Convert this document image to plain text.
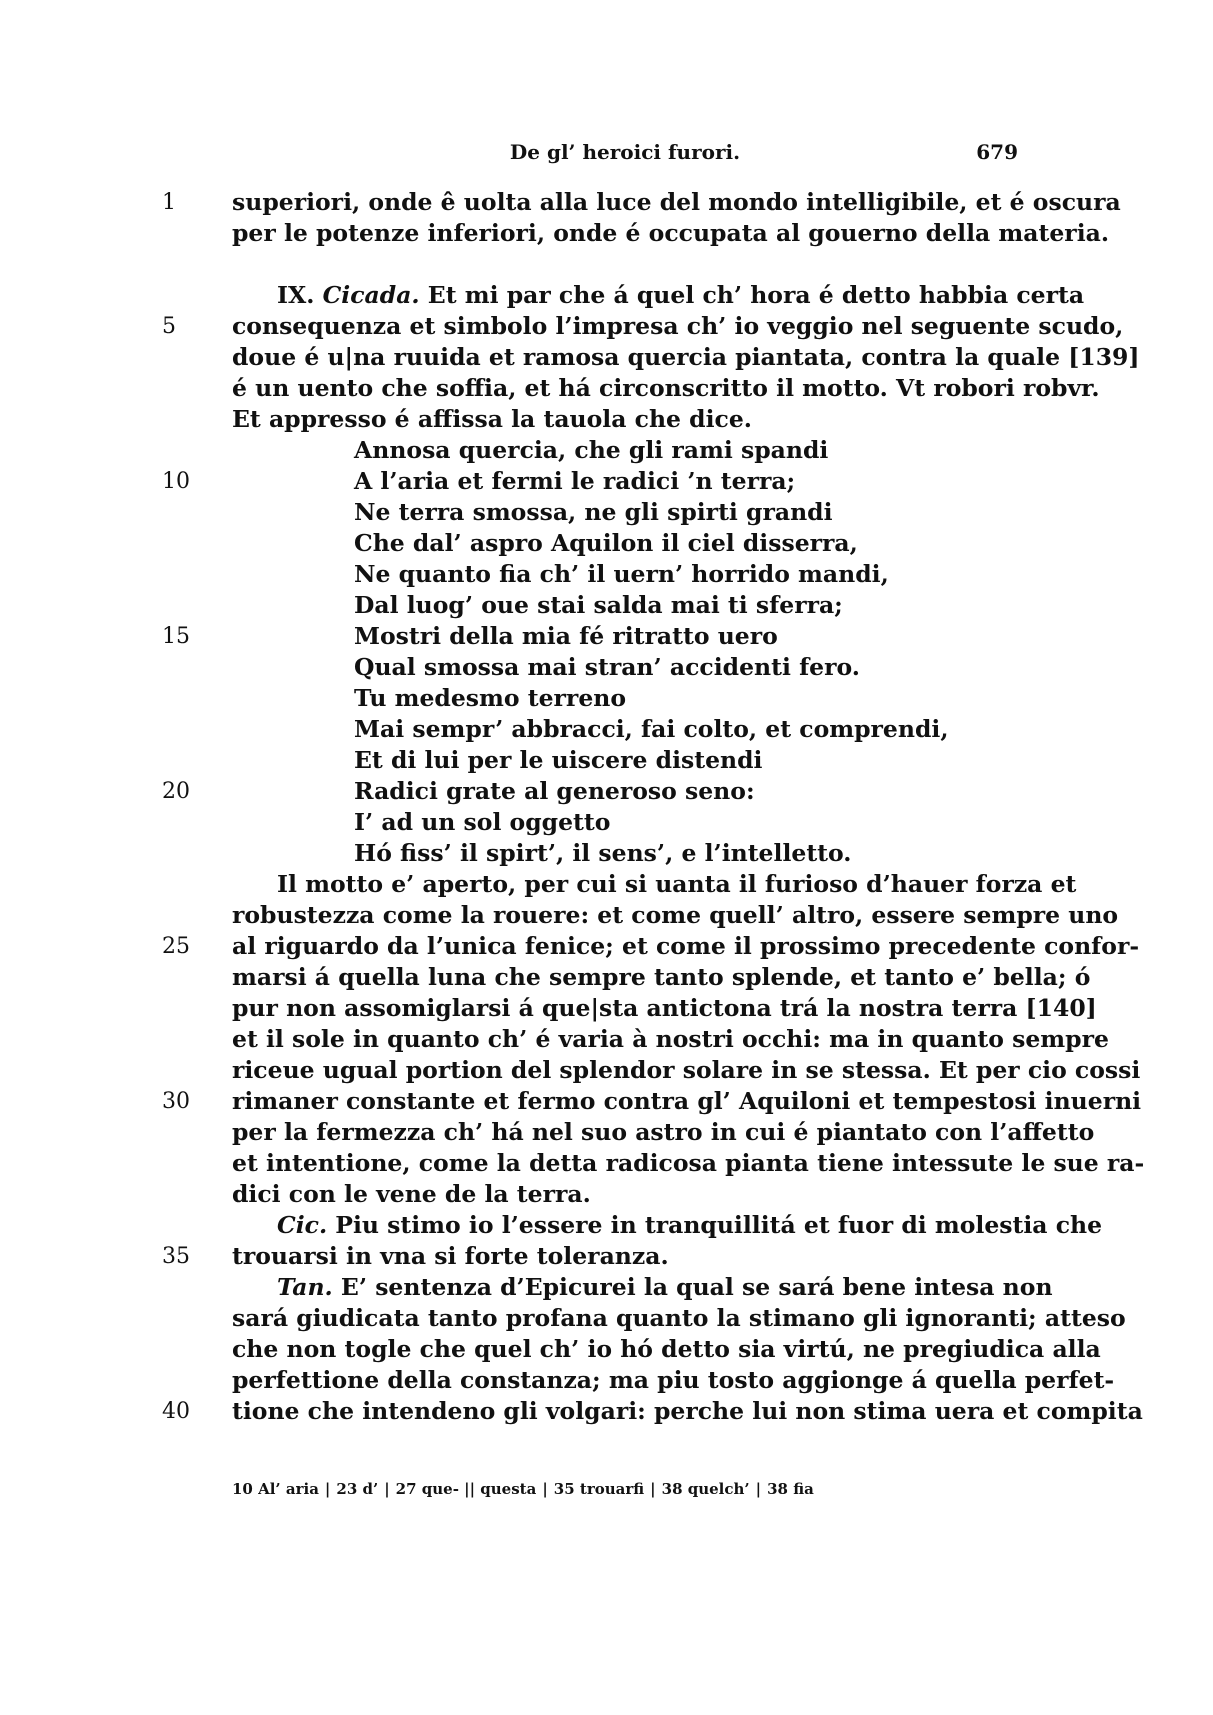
De gl’ heroici furori.	679
1	superiori, onde ê uolta alla luce del mondo intelligibile, et é oscura
per le potenze inferiori, onde é occupata al gouerno della materia.

IX. Cicada. Et mi par che á quel ch’ hora é detto habbia certa
5	consequenza et simbolo l’impresa ch’ io veggio nel seguente scudo,
doue é u|na ruuida et ramosa quercia piantata, contra la quale [139]
é un uento che soffia, et há circonscritto il motto. Vt robori robvr.
Et appresso é affissa la tauola che dice.
Annosa quercia, che gli rami spandi
10	A l’aria et fermi le radici ’n terra;
Ne terra smossa, ne gli spirti grandi
Che dal’ aspro Aquilon il ciel disserra,
Ne quanto fia ch’ il uern’ horrido mandi,
Dal luog’ oue stai salda mai ti sferra;
15	Mostri della mia fé ritratto uero
Qual smossa mai stran’ accidenti fero.
Tu medesmo terreno
Mai sempr’ abbracci, fai colto, et comprendi,
Et di lui per le uiscere distendi
20	Radici grate al generoso seno:
I’ ad un sol oggetto
Hó fiss’ il spirt’, il sens’, e l’intelletto.
Il motto e’ aperto, per cui si uanta il furioso d’hauer forza et
robustezza come la rouere: et come quell’ altro, essere sempre uno
25	al riguardo da l’unica fenice; et come il prossimo precedente confor-
marsi á quella luna che sempre tanto splende, et tanto e’ bella; ó
pur non assomiglarsi á que|sta antictona trá la nostra terra [140]
et il sole in quanto ch’ é varia à nostri occhi: ma in quanto sempre
riceue ugual portion del splendor solare in se stessa. Et per cio cossi
30	rimaner constante et fermo contra gl’ Aquiloni et tempestosi inuerni
per la fermezza ch’ há nel suo astro in cui é piantato con l’affetto
et intentione, come la detta radicosa pianta tiene intessute le sue ra-
dici con le vene de la terra.
Cic. Piu stimo io l’essere in tranquillitá et fuor di molestia che
35	trouarsi in vna si forte toleranza.
Tan. E’ sentenza d’Epicurei la qual se sará bene intesa non
sará giudicata tanto profana quanto la stimano gli ignoranti; atteso
che non togle che quel ch’ io hó detto sia virtú, ne pregiudica alla
perfettione della constanza; ma piu tosto aggionge á quella perfet-
40	tione che intendeno gli volgari: perche lui non stima uera et compita
10 Al’ aria | 23 d’ | 27 que- || questa | 35 trouarfi | 38 quelch’ | 38 fia
